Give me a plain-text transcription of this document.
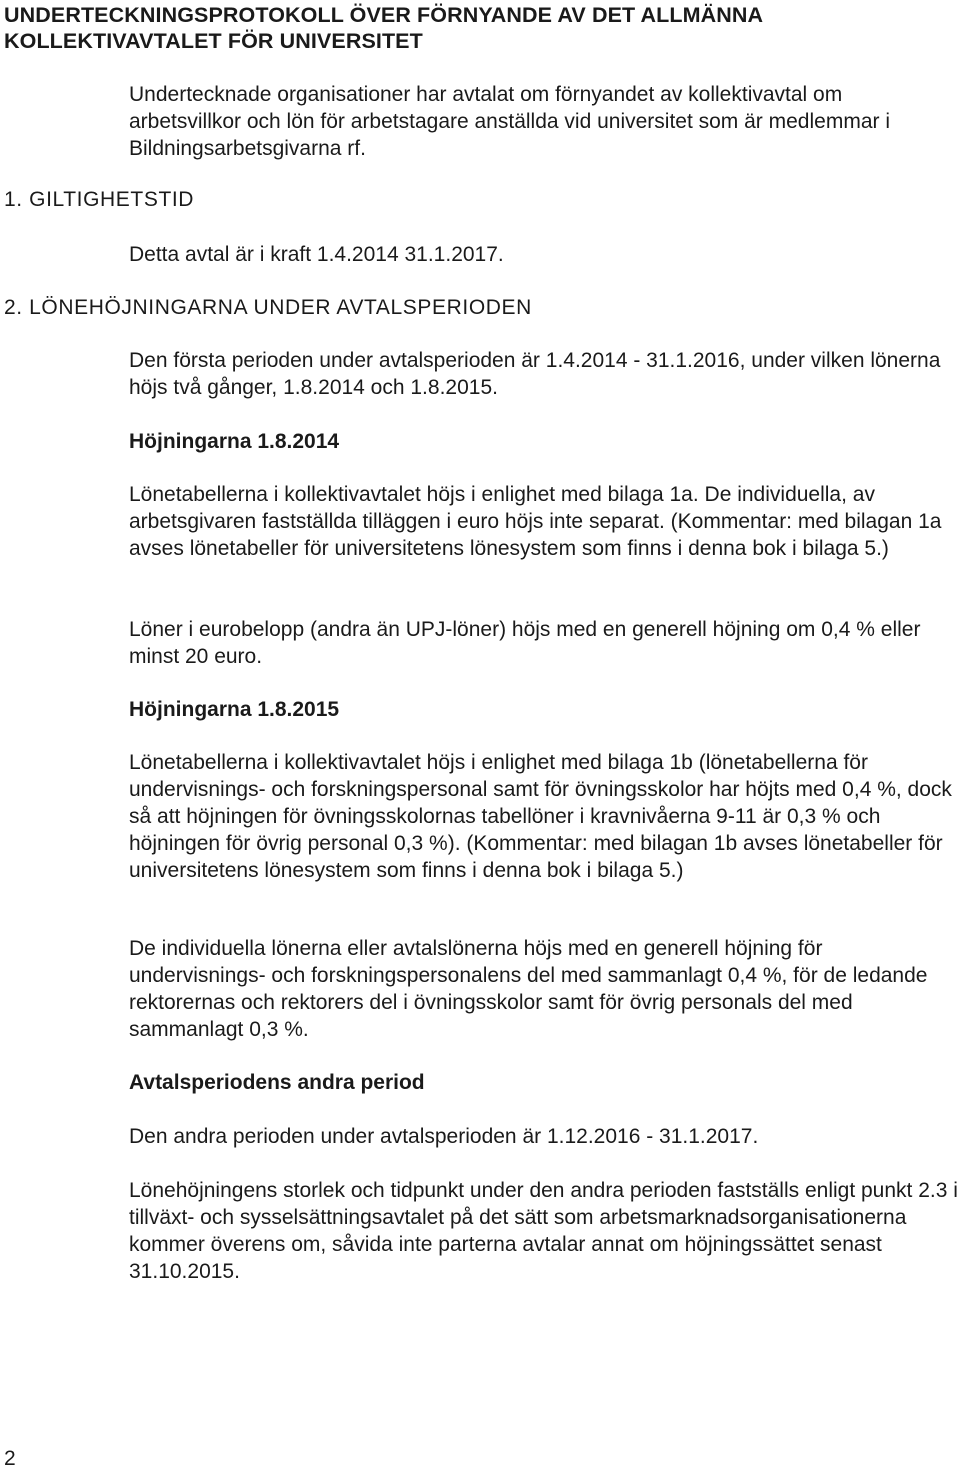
UNDERTECKNINGSPROTOKOLL ÖVER FÖRNYANDE AV DET ALLMÄNNA
KOLLEKTIVAVTALET FÖR UNIVERSITET

Undertecknade organisationer har avtalat om förnyandet av kollektivavtal om arbetsvillkor och lön för arbetstagare anställda vid universitet som är medlemmar i Bildningsarbetsgivarna rf.

1. GILTIGHETSTID

Detta avtal är i kraft 1.4.2014 31.1.2017.

2. LÖNEHÖJNINGARNA UNDER AVTALSPERIODEN

Den första perioden under avtalsperioden är 1.4.2014 - 31.1.2016, under vilken lönerna höjs två gånger, 1.8.2014 och 1.8.2015.

Höjningarna 1.8.2014

Lönetabellerna i kollektivavtalet höjs i enlighet med bilaga 1a. De individuella, av arbetsgivaren fastställda tilläggen i euro höjs inte separat. (Kommentar: med bilagan 1a avses lönetabeller för universitetens lönesystem som finns i denna bok i bilaga 5.)

Löner i eurobelopp (andra än UPJ-löner) höjs med en generell höjning om 0,4 % eller minst 20 euro.

Höjningarna 1.8.2015

Lönetabellerna i kollektivavtalet höjs i enlighet med bilaga 1b (lönetabellerna för undervisnings- och forskningspersonal samt för övningsskolor har höjts med 0,4 %, dock så att höjningen för övningsskolornas tabellöner i kravnivåerna 9-11 är 0,3 % och höjningen för övrig personal 0,3 %). (Kommentar: med bilagan 1b avses lönetabeller för universitetens lönesystem som finns i denna bok i bilaga 5.)

De individuella lönerna eller avtalslönerna höjs med en generell höjning för undervisnings- och forskningspersonalens del med sammanlagt 0,4 %, för de ledande rektorernas och rektorers del i övningsskolor samt för övrig personals del med sammanlagt 0,3 %.

Avtalsperiodens andra period

Den andra perioden under avtalsperioden är 1.12.2016 - 31.1.2017.

Lönehöjningens storlek och tidpunkt under den andra perioden fastställs enligt punkt 2.3 i tillväxt- och sysselsättningsavtalet på det sätt som arbetsmarknadsorganisationerna kommer överens om, såvida inte parterna avtalar annat om höjningssättet senast 31.10.2015.

2
